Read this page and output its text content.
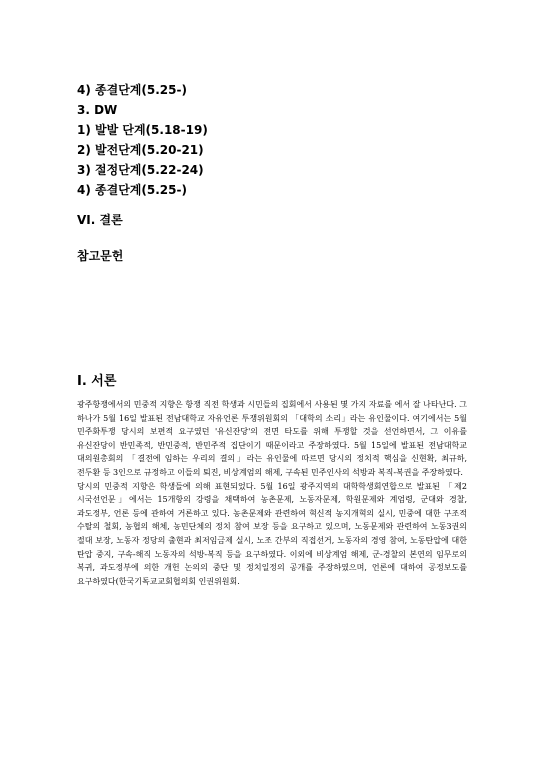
4) 종결단계(5.25-)
3. DW
1) 발발 단계(5.18-19)
2) 발전단계(5.20-21)
3) 절정단계(5.22-24)
4) 종결단계(5.25-)
VI. 결론
참고문헌
Ⅰ. 서론

광주항쟁에서의 민중적 지향은 항쟁 직전 학생과 시민들의 집회에서 사용된 몇 가지 자료를 에서 잘 나타난다. 그 하나가 5월 16일 발표된 전남대학교 자유언론 투쟁위원회의 「대학의 소리」라는 유인물이다. 여기에서는 5월 민주화투쟁 당시의 보편적 요구였던 '유신잔당'의 전면 타도를 위해 투쟁할 것을 선언하면서, 그 이유를 유신잔당이 반민족적, 반민중적, 반민주적 집단이기 때문이라고 주장하였다. 5월 15일에 발표된 전남대학교 대의원총회의 「결전에 임하는 우리의 결의」라는 유인물에 따르면 당시의 정치적 핵심을 신현확, 최규하, 전두환 등 3인으로 규정하고 이들의 퇴진, 비상계엄의 해제, 구속된 민주인사의 석방과 복직-복권을 주장하였다.

당시의 민중적 지향은 학생들에 의해 표현되었다. 5월 16일 광주지역의 대학학생회연합으로 발표된 「제2 시국선언문」에서는 15개항의 강령을 채택하여 농촌문제, 노동자문제, 학원문제와 계엄령, 군대와 경찰, 과도정부, 언론 등에 관하여 거론하고 있다. 농촌문제와 관련하여 혁신적 농지개혁의 실시, 민중에 대한 구조적 수탈의 철회, 농협의 해체, 농민단체의 정치 참여 보장 등을 요구하고 있으며, 노동문제와 관련하여 노동3권의 절대 보장, 노동자 정당의 출현과 최저임금제 실시, 노조 간부의 직접선거, 노동자의 경영 참여, 노동탄압에 대한 탄압 중지, 구속-해직 노동자의 석방-복직 등을 요구하였다. 이외에 비상계엄 해제, 군-경찰의 본연의 임무로의 복귀, 과도정부에 의한 개헌 논의의 중단 및 정치일정의 공개를 주장하였으며, 언론에 대하여 공정보도를 요구하였다(한국기독교교회협의회 인권위원회.
